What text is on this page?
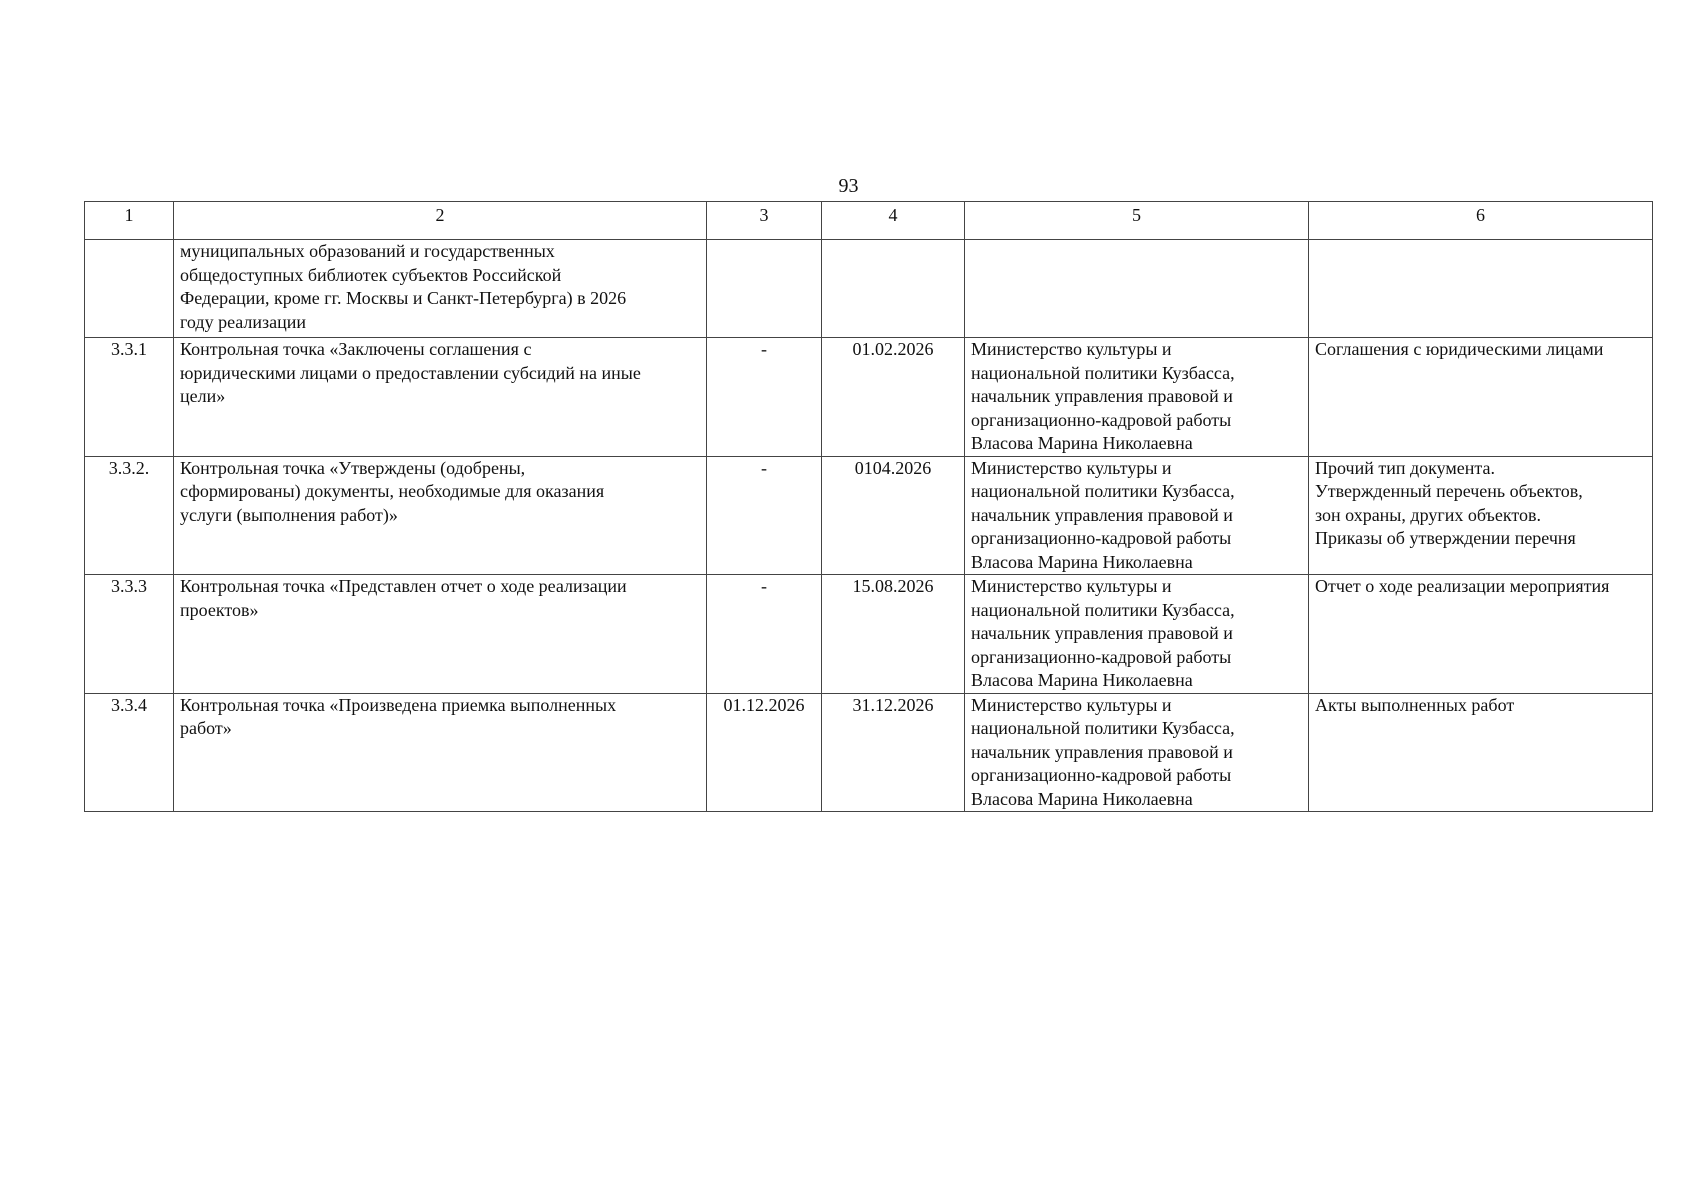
93
1	2	3	4	5	6
	муниципальных образований и государственных
общедоступных библиотек субъектов Российской
Федерации, кроме гг. Москвы и Санкт-Петербурга) в 2026
году реализации				
3.3.1	Контрольная точка «Заключены соглашения с
юридическими лицами о предоставлении субсидий на иные
цели»	-	01.02.2026	Министерство культуры и
национальной политики Кузбасса,
начальник управления правовой и
организационно-кадровой работы
Власова Марина Николаевна	Соглашения с юридическими лицами
3.3.2.	Контрольная точка «Утверждены (одобрены,
сформированы) документы, необходимые для оказания
услуги (выполнения работ)»	-	0104.2026	Министерство культуры и
национальной политики Кузбасса,
начальник управления правовой и
организационно-кадровой работы
Власова Марина Николаевна	Прочий тип документа.
Утвержденный перечень объектов,
зон охраны, других объектов.
Приказы об утверждении перечня
3.3.3	Контрольная точка «Представлен отчет о ходе реализации
проектов»	-	15.08.2026	Министерство культуры и
национальной политики Кузбасса,
начальник управления правовой и
организационно-кадровой работы
Власова Марина Николаевна	Отчет о ходе реализации мероприятия
3.3.4	Контрольная точка «Произведена приемка выполненных
работ»	01.12.2026	31.12.2026	Министерство культуры и
национальной политики Кузбасса,
начальник управления правовой и
организационно-кадровой работы
Власова Марина Николаевна	Акты выполненных работ
